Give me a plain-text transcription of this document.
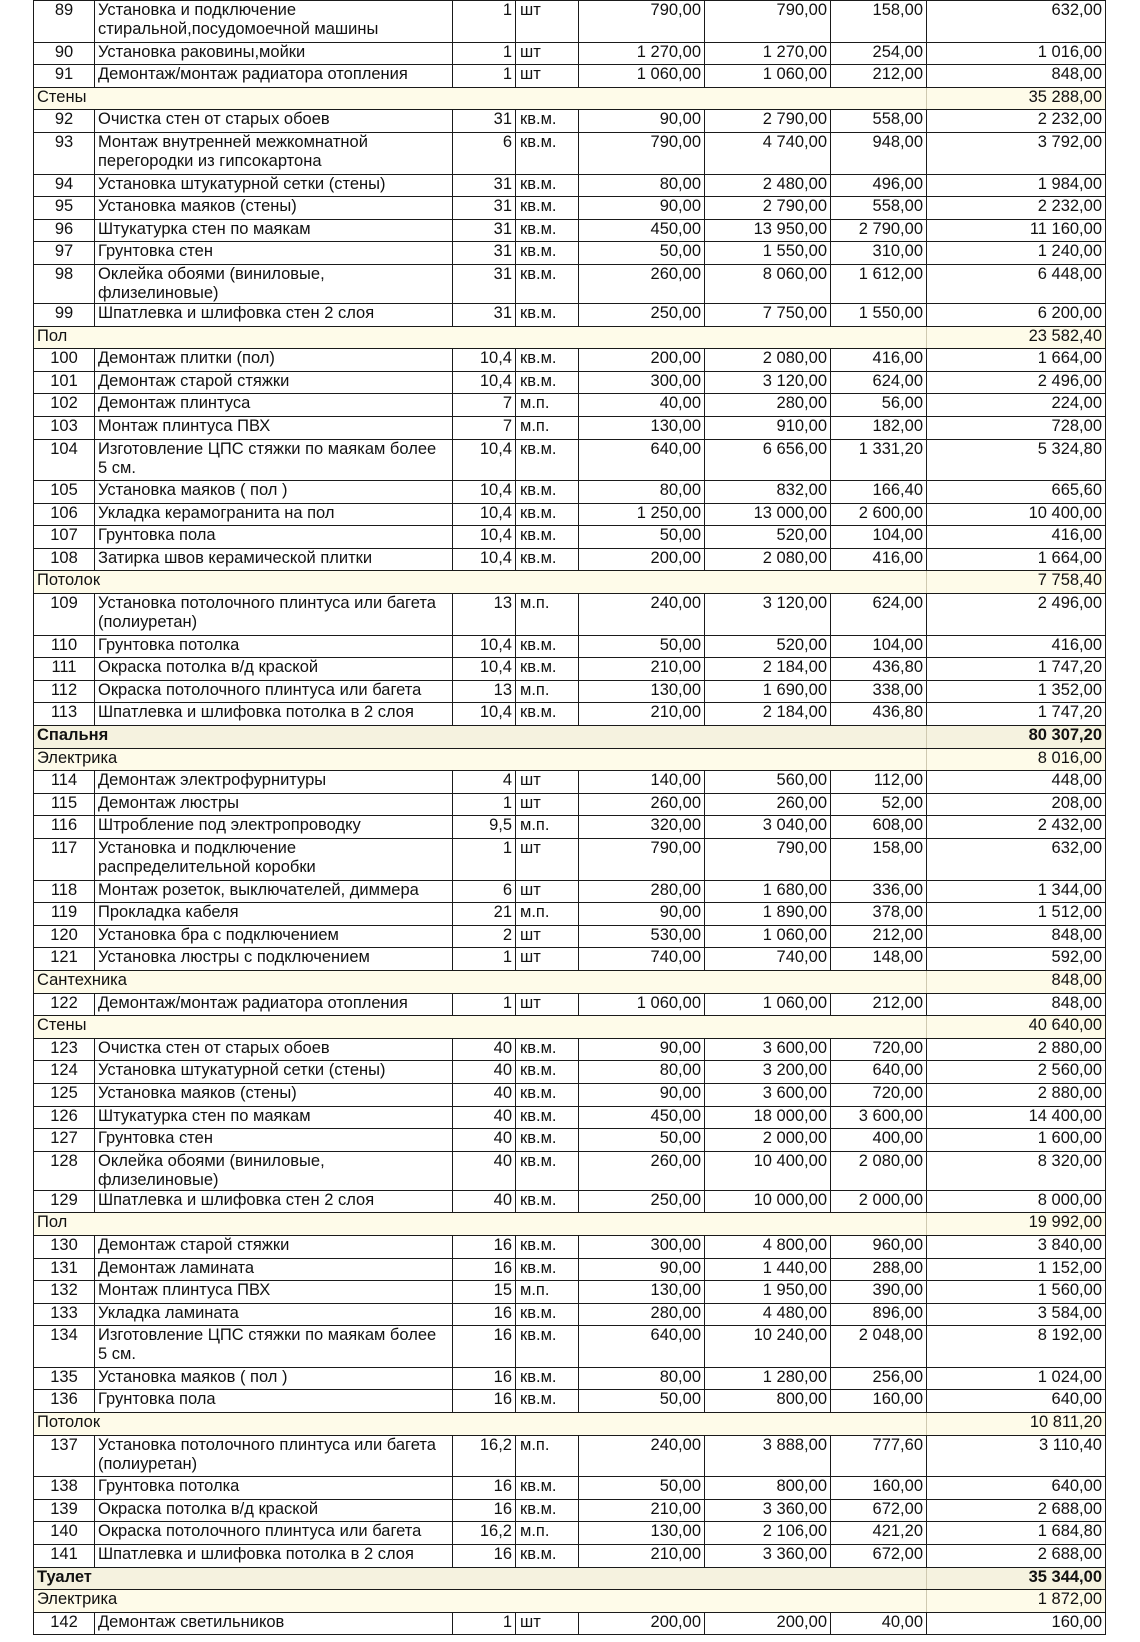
89	Установка и подключение стиральной,посудомоечной машины	1	шт	790,00	790,00	158,00	632,00
90	Установка раковины,мойки	1	шт	1 270,00	1 270,00	254,00	1 016,00
91	Демонтаж/монтаж радиатора отопления	1	шт	1 060,00	1 060,00	212,00	848,00
Стены							35 288,00
92	Очистка стен от старых обоев	31	кв.м.	90,00	2 790,00	558,00	2 232,00
93	Монтаж внутренней межкомнатной перегородки из гипсокартона	6	кв.м.	790,00	4 740,00	948,00	3 792,00
94	Установка штукатурной сетки (стены)	31	кв.м.	80,00	2 480,00	496,00	1 984,00
95	Установка маяков (стены)	31	кв.м.	90,00	2 790,00	558,00	2 232,00
96	Штукатурка стен по маякам	31	кв.м.	450,00	13 950,00	2 790,00	11 160,00
97	Грунтовка стен	31	кв.м.	50,00	1 550,00	310,00	1 240,00
98	Оклейка обоями (виниловые, флизелиновые)	31	кв.м.	260,00	8 060,00	1 612,00	6 448,00
99	Шпатлевка и шлифовка стен 2 слоя	31	кв.м.	250,00	7 750,00	1 550,00	6 200,00
Пол							23 582,40
100	Демонтаж плитки (пол)	10,4	кв.м.	200,00	2 080,00	416,00	1 664,00
101	Демонтаж старой стяжки	10,4	кв.м.	300,00	3 120,00	624,00	2 496,00
102	Демонтаж плинтуса	7	м.п.	40,00	280,00	56,00	224,00
103	Монтаж плинтуса ПВХ	7	м.п.	130,00	910,00	182,00	728,00
104	Изготовление ЦПС стяжки по маякам более 5 см.	10,4	кв.м.	640,00	6 656,00	1 331,20	5 324,80
105	Установка маяков ( пол )	10,4	кв.м.	80,00	832,00	166,40	665,60
106	Укладка керамогранита на пол	10,4	кв.м.	1 250,00	13 000,00	2 600,00	10 400,00
107	Грунтовка пола	10,4	кв.м.	50,00	520,00	104,00	416,00
108	Затирка швов керамической плитки	10,4	кв.м.	200,00	2 080,00	416,00	1 664,00
Потолок							7 758,40
109	Установка потолочного плинтуса или багета (полиуретан)	13	м.п.	240,00	3 120,00	624,00	2 496,00
110	Грунтовка потолка	10,4	кв.м.	50,00	520,00	104,00	416,00
111	Окраска потолка в/д краской	10,4	кв.м.	210,00	2 184,00	436,80	1 747,20
112	Окраска потолочного плинтуса или багета	13	м.п.	130,00	1 690,00	338,00	1 352,00
113	Шпатлевка и шлифовка потолка в 2 слоя	10,4	кв.м.	210,00	2 184,00	436,80	1 747,20
Спальня							80 307,20
Электрика							8 016,00
114	Демонтаж электрофурнитуры	4	шт	140,00	560,00	112,00	448,00
115	Демонтаж люстры	1	шт	260,00	260,00	52,00	208,00
116	Штробление под электропроводку	9,5	м.п.	320,00	3 040,00	608,00	2 432,00
117	Установка и подключение распределительной коробки	1	шт	790,00	790,00	158,00	632,00
118	Монтаж розеток, выключателей, диммера	6	шт	280,00	1 680,00	336,00	1 344,00
119	Прокладка кабеля	21	м.п.	90,00	1 890,00	378,00	1 512,00
120	Установка бра с подключением	2	шт	530,00	1 060,00	212,00	848,00
121	Установка люстры с подключением	1	шт	740,00	740,00	148,00	592,00
Сантехника							848,00
122	Демонтаж/монтаж радиатора отопления	1	шт	1 060,00	1 060,00	212,00	848,00
Стены							40 640,00
123	Очистка стен от старых обоев	40	кв.м.	90,00	3 600,00	720,00	2 880,00
124	Установка штукатурной сетки (стены)	40	кв.м.	80,00	3 200,00	640,00	2 560,00
125	Установка маяков (стены)	40	кв.м.	90,00	3 600,00	720,00	2 880,00
126	Штукатурка стен по маякам	40	кв.м.	450,00	18 000,00	3 600,00	14 400,00
127	Грунтовка стен	40	кв.м.	50,00	2 000,00	400,00	1 600,00
128	Оклейка обоями (виниловые, флизелиновые)	40	кв.м.	260,00	10 400,00	2 080,00	8 320,00
129	Шпатлевка и шлифовка стен 2 слоя	40	кв.м.	250,00	10 000,00	2 000,00	8 000,00
Пол							19 992,00
130	Демонтаж старой стяжки	16	кв.м.	300,00	4 800,00	960,00	3 840,00
131	Демонтаж ламината	16	кв.м.	90,00	1 440,00	288,00	1 152,00
132	Монтаж плинтуса ПВХ	15	м.п.	130,00	1 950,00	390,00	1 560,00
133	Укладка ламината	16	кв.м.	280,00	4 480,00	896,00	3 584,00
134	Изготовление ЦПС стяжки по маякам более 5 см.	16	кв.м.	640,00	10 240,00	2 048,00	8 192,00
135	Установка маяков ( пол )	16	кв.м.	80,00	1 280,00	256,00	1 024,00
136	Грунтовка пола	16	кв.м.	50,00	800,00	160,00	640,00
Потолок							10 811,20
137	Установка потолочного плинтуса или багета (полиуретан)	16,2	м.п.	240,00	3 888,00	777,60	3 110,40
138	Грунтовка потолка	16	кв.м.	50,00	800,00	160,00	640,00
139	Окраска потолка в/д краской	16	кв.м.	210,00	3 360,00	672,00	2 688,00
140	Окраска потолочного плинтуса или багета	16,2	м.п.	130,00	2 106,00	421,20	1 684,80
141	Шпатлевка и шлифовка потолка в 2 слоя	16	кв.м.	210,00	3 360,00	672,00	2 688,00
Туалет							35 344,00
Электрика							1 872,00
142	Демонтаж светильников	1	шт	200,00	200,00	40,00	160,00
